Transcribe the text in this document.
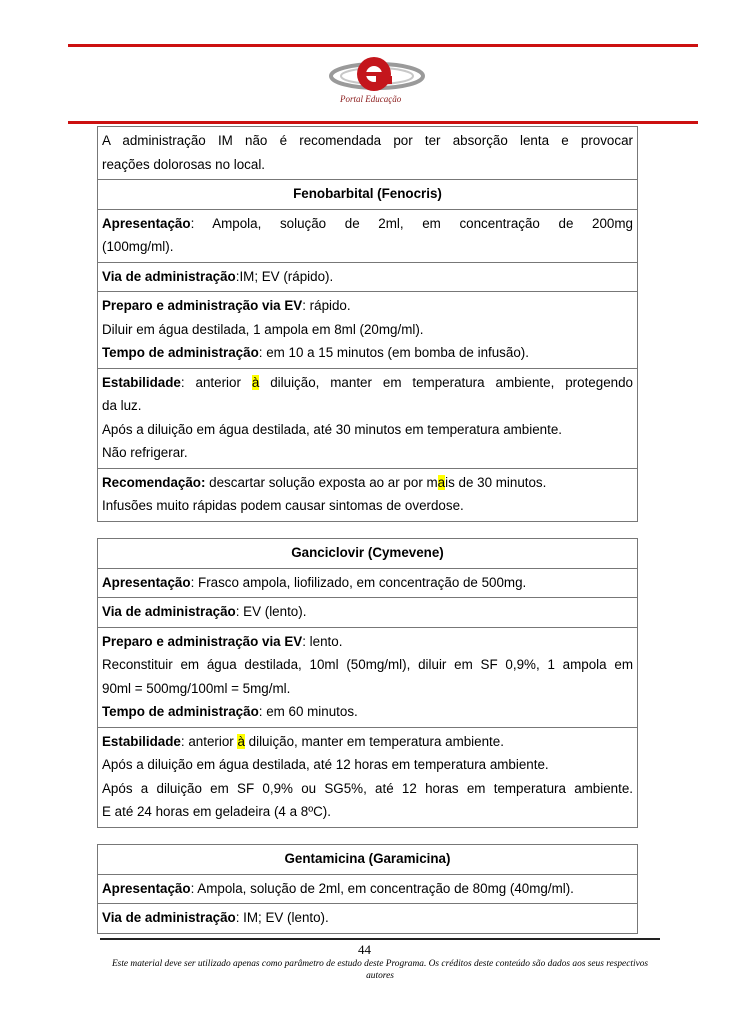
Portal Educação
A administração IM não é recomendada por ter absorção lenta e provocar
reações dolorosas no local.

Fenobarbital (Fenocris)

Apresentação: Ampola, solução de 2ml, em concentração de 200mg
(100mg/ml).

Via de administração:IM; EV (rápido).

Preparo e administração via EV: rápido.
Diluir em água destilada, 1 ampola em 8ml (20mg/ml).
Tempo de administração: em 10 a 15 minutos (em bomba de infusão).

Estabilidade: anterior à diluição, manter em temperatura ambiente, protegendo
da luz.
Após a diluição em água destilada, até 30 minutos em temperatura ambiente.
Não refrigerar.

Recomendação: descartar solução exposta ao ar por mais de 30 minutos.
Infusões muito rápidas podem causar sintomas de overdose.
Ganciclovir (Cymevene)
Apresentação: Frasco ampola, liofilizado, em concentração de 500mg.
Via de administração: EV (lento).

Preparo e administração via EV: lento.
Reconstituir em água destilada, 10ml (50mg/ml), diluir em SF 0,9%, 1 ampola em
90ml = 500mg/100ml = 5mg/ml.
Tempo de administração: em 60 minutos.

Estabilidade: anterior à diluição, manter em temperatura ambiente.
Após a diluição em água destilada, até 12 horas em temperatura ambiente.
Após a diluição em SF 0,9% ou SG5%, até 12 horas em temperatura ambiente.
E até 24 horas em geladeira (4 a 8ºC).
Gentamicina (Garamicina)
Apresentação: Ampola, solução de 2ml, em concentração de 80mg (40mg/ml).
Via de administração: IM; EV (lento).
44
Este material deve ser utilizado apenas como parâmetro de estudo deste Programa. Os créditos deste conteúdo são dados aos seus respectivos autores
